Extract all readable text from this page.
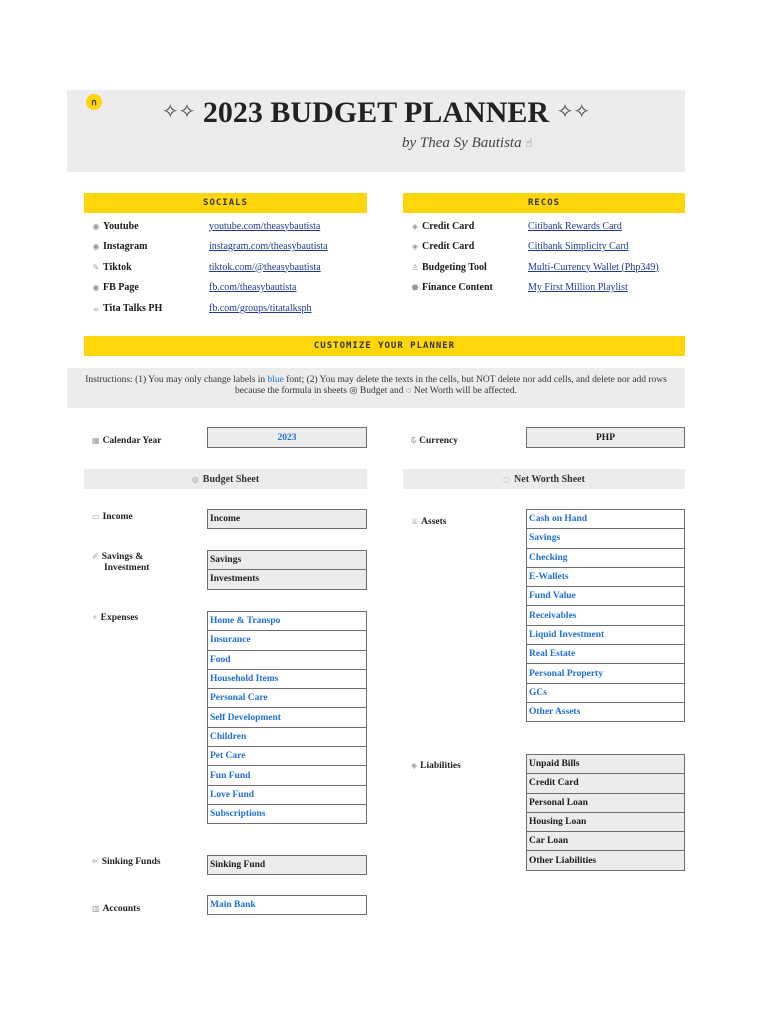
ก	✧✧ 2023 BUDGET PLANNER ✧✧
by Thea Sy Bautista ☝
SOCIALS
◉ Youtube	youtube.com/theasybautista
◉ Instagram	instagram.com/theasybautista
✎ Tiktok	tiktok.com/@theasybautista
◉ FB Page	fb.com/theasybautista
☕ Tita Talks PH	fb.com/groups/titatalksph
RECOS
◈ Credit Card	Citibank Rewards Card
◈ Credit Card	Citibank Simplicity Card
♙ Budgeting Tool	Multi-Currency Wallet (Php349)
⬣ Finance Content	My First Million Playlist
CUSTOMIZE YOUR PLANNER
Instructions: (1) You may only change labels in blue font; (2) You may delete the texts in the cells, but NOT delete nor add cells, and delete nor add rows because the formula in sheets ◎ Budget and ◌ Net Worth will be affected.
▦ Calendar Year	2023	₲ Currency	PHP
◎ Budget Sheet	◌ Net Worth Sheet
▭ Income	Income
✐ Savings &
Investment
Savings
Investments
⚡ Expenses	Home & Transpo
Insurance
Food
Household Items
Personal Care
Self Development
Children
Pet Care
Fun Fund
Love Fund
Subscriptions
✄ Sinking Funds	Sinking Fund
▥ Accounts	Main Bank
♕ Assets	Cash on Hand
Savings
Checking
E-Wallets
Fund Value
Receivables
Liquid Investment
Real Estate
Personal Property
GCs
Other Assets
◈ Liabilities	Unpaid Bills
Credit Card
Personal Loan
Housing Loan
Car Loan
Other Liabilities
